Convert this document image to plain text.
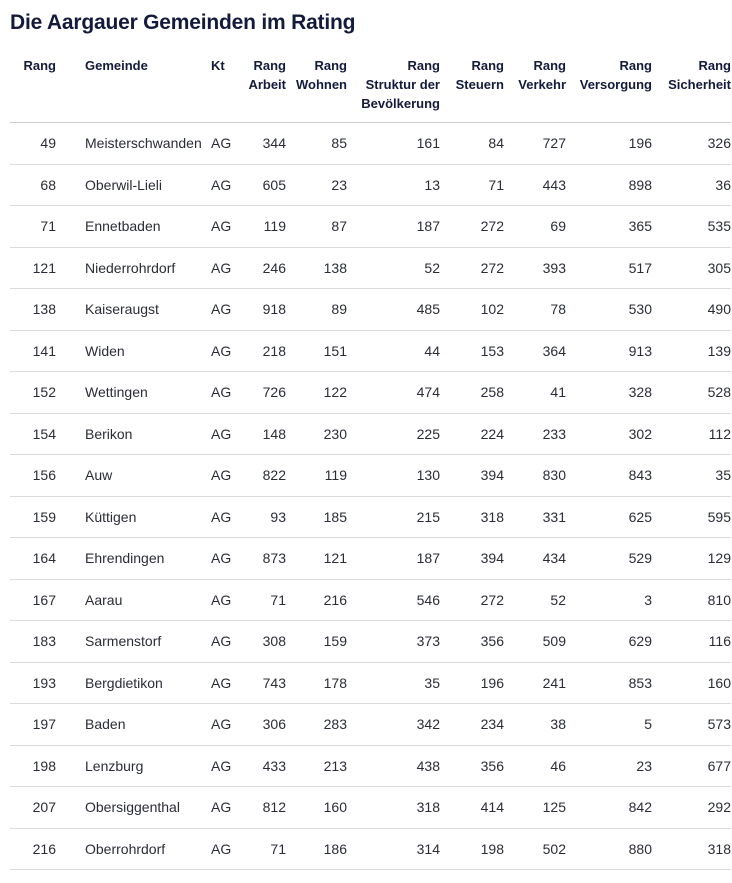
Die Aargauer Gemeinden im Rating
Rang	Gemeinde	Kt	Rang Arbeit	Rang Wohnen	Rang Struktur der Bevölkerung	Rang Steuern	Rang Verkehr	Rang Versorgung	Rang Sicherheit
49	Meisterschwanden	AG	344	85	161	84	727	196	326
68	Oberwil-Lieli	AG	605	23	13	71	443	898	36
71	Ennetbaden	AG	119	87	187	272	69	365	535
121	Niederrohrdorf	AG	246	138	52	272	393	517	305
138	Kaiseraugst	AG	918	89	485	102	78	530	490
141	Widen	AG	218	151	44	153	364	913	139
152	Wettingen	AG	726	122	474	258	41	328	528
154	Berikon	AG	148	230	225	224	233	302	112
156	Auw	AG	822	119	130	394	830	843	35
159	Küttigen	AG	93	185	215	318	331	625	595
164	Ehrendingen	AG	873	121	187	394	434	529	129
167	Aarau	AG	71	216	546	272	52	3	810
183	Sarmenstorf	AG	308	159	373	356	509	629	116
193	Bergdietikon	AG	743	178	35	196	241	853	160
197	Baden	AG	306	283	342	234	38	5	573
198	Lenzburg	AG	433	213	438	356	46	23	677
207	Obersiggenthal	AG	812	160	318	414	125	842	292
216	Oberrohrdorf	AG	71	186	314	198	502	880	318
